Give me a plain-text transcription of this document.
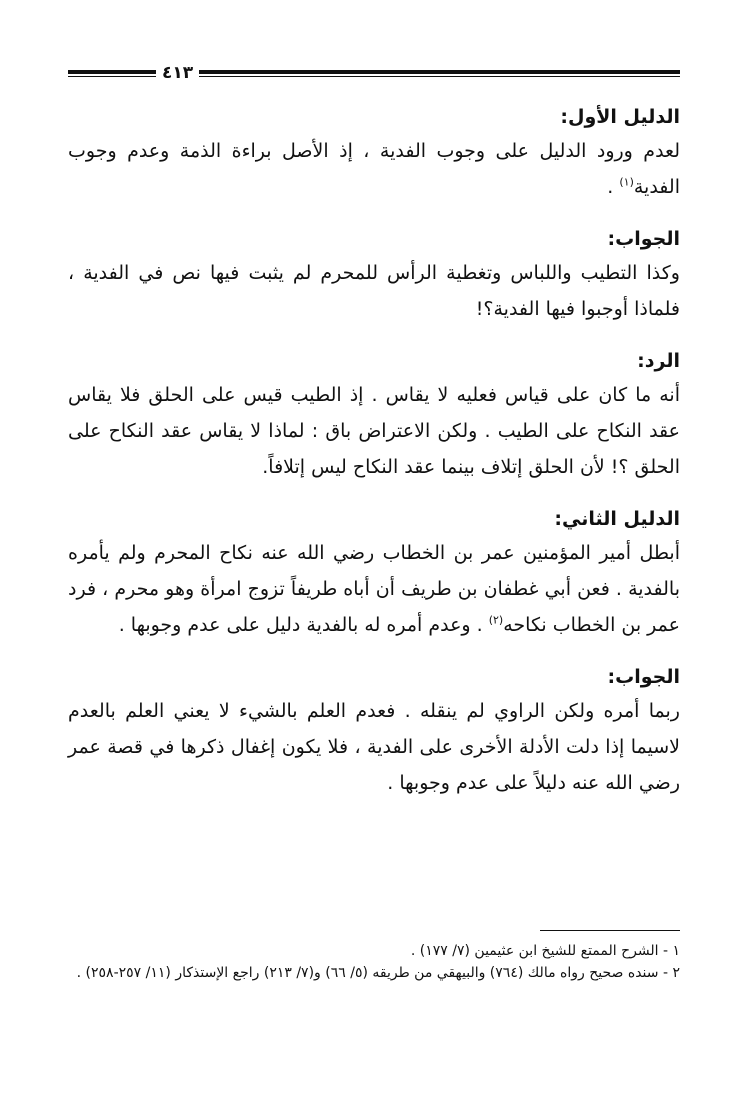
٤١٣

الدليل الأول:

لعدم ورود الدليل على وجوب الفدية ، إذ الأصل براءة الذمة وعدم وجوب الفدية$^{(١)}$ .

الجواب:

وكذا التطيب واللباس وتغطية الرأس للمحرم لم يثبت فيها نص في الفدية ، فلماذا أوجبوا فيها الفدية؟!

الرد:

أنه ما كان على قياس فعليه لا يقاس . إذ الطيب قيس على الحلق فلا يقاس عقد النكاح على الطيب . ولكن الاعتراض باق : لماذا لا يقاس عقد النكاح على الحلق ؟! لأن الحلق إتلاف بينما عقد النكاح ليس إتلافاً.

الدليل الثاني:

أبطل أمير المؤمنين عمر بن الخطاب رضي الله عنه نكاح المحرم ولم يأمره بالفدية . فعن أبي غطفان بن طريف أن أباه طريفاً تزوج امرأة وهو محرم ، فرد عمر بن الخطاب نكاحه$^{(٢)}$ . وعدم أمره له بالفدية دليل على عدم وجوبها .

الجواب:

ربما أمره ولكن الراوي لم ينقله . فعدم العلم بالشيء لا يعني العلم بالعدم لاسيما إذا دلت الأدلة الأخرى على الفدية ، فلا يكون إغفال ذكرها في قصة عمر رضي الله عنه دليلاً على عدم وجوبها .

١ - الشرح الممتع للشيخ ابن عثيمين (٧/ ١٧٧) .

٢ - سنده صحيح رواه مالك (٧٦٤) والبيهقي من طريقه (٥/ ٦٦) و(٧/ ٢١٣) راجع الإستذكار (١١/ ٢٥٧-٢٥٨) .
